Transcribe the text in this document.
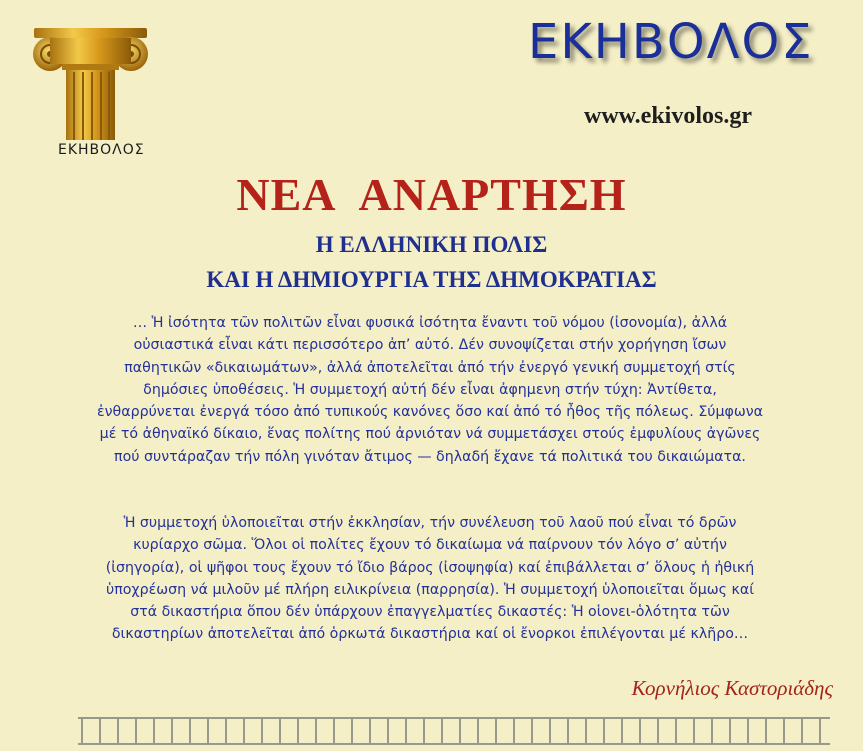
ΕΚΗΒΟΛΟΣ
ΕΚΗΒΟΛΟΣ
www.ekivolos.gr
ΝΕΑ ΑΝΑΡΤΗΣΗ
Η ΕΛΛΗΝΙΚΗ ΠΟΛΙΣ
ΚΑΙ Η ΔΗΜΙΟΥΡΓΙΑ ΤΗΣ ΔΗΜΟΚΡΑΤΙΑΣ
… Ἡ ἰσότητα τῶν πολιτῶν εἶναι φυσικά ἰσότητα ἔναντι τοῦ νόμου (ἰσονομία), ἀλλά
οὐσιαστικά εἶναι κάτι περισσότερο ἀπ’ αὐτό. Δέν συνοψίζεται στήν χορήγηση ἴσων
παθητικῶν «δικαιωμάτων», ἀλλά ἀποτελεῖται ἀπό τήν ἐνεργό γενική συμμετοχή στίς
δημόσιες ὑποθέσεις. Ἡ συμμετοχή αὐτή δέν εἶναι ἀφημενη στήν τύχη: Ἀντίθετα,
ἐνθαρρύνεται ἐνεργά τόσο ἀπό τυπικούς κανόνες ὅσο καί ἀπό τό ἦθος τῆς πόλεως. Σύμφωνα
μέ τό ἀθηναϊκό δίκαιο, ἕνας πολίτης πού ἀρνιόταν νά συμμετάσχει στούς ἐμφυλίους ἀγῶνες
πού συντάραζαν τήν πόλη γινόταν ἄτιμος — δηλαδή ἔχανε τά πολιτικά του δικαιώματα.
Ἡ συμμετοχή ὑλοποιεῖται στήν ἐκκλησίαν, τήν συνέλευση τοῦ λαοῦ πού εἶναι τό δρῶν
κυρίαρχο σῶμα. Ὅλοι οἱ πολίτες ἔχουν τό δικαίωμα νά παίρνουν τόν λόγο σ’ αὐτήν
(ἰσηγορία), οἱ ψῆφοι τους ἔχουν τό ἴδιο βάρος (ἰσοψηφία) καί ἐπιβάλλεται σ’ ὅλους ἡ ἠθική
ὑποχρέωση νά μιλοῦν μέ πλήρη ειλικρίνεια (παρρησία). Ἡ συμμετοχή ὑλοποιεῖται ὅμως καί
στά δικαστήρια ὅπου δέν ὑπάρχουν ἐπαγγελματίες δικαστές: Ἡ οἱονει-ὁλότητα τῶν
δικαστηρίων ἀποτελεῖται ἀπό ὁρκωτά δικαστήρια καί οἱ ἔνορκοι ἐπιλέγονται μέ κλῆρο…
Κορνήλιος Καστοριάδης
